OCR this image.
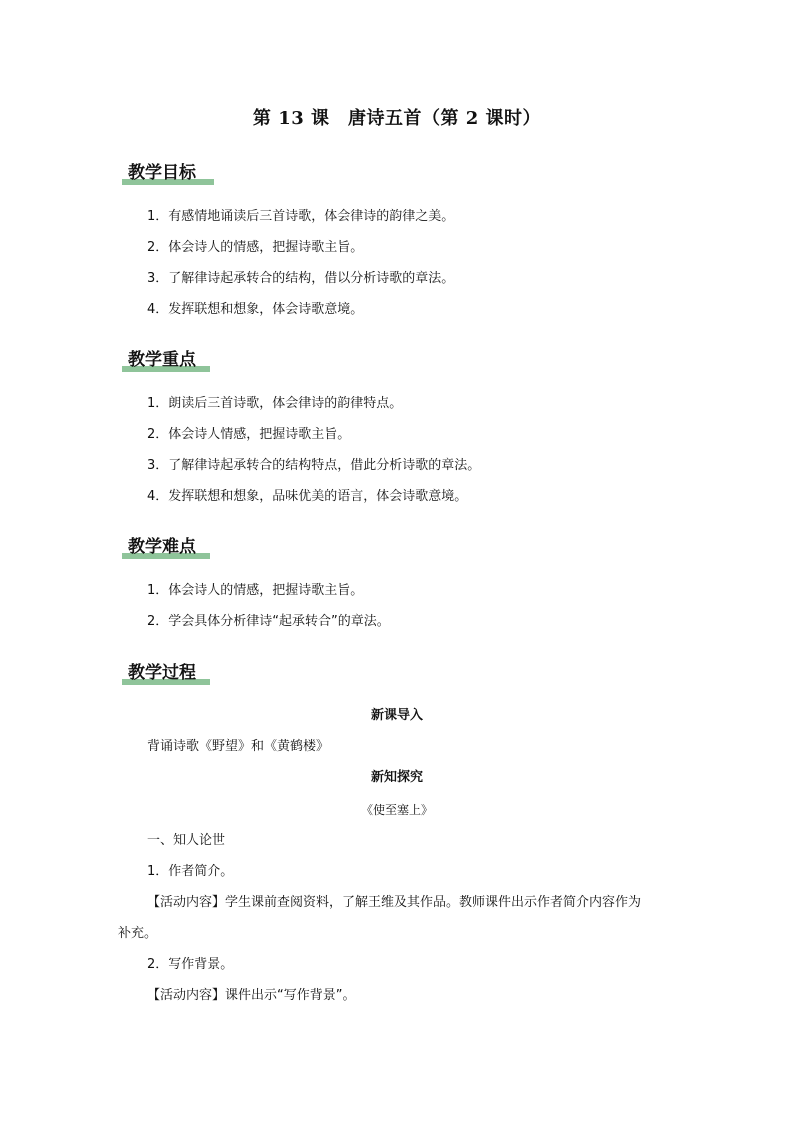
第 13 课　唐诗五首（第 2 课时）
教学目标
1．有感情地诵读后三首诗歌，体会律诗的韵律之美。
2．体会诗人的情感，把握诗歌主旨。
3．了解律诗起承转合的结构，借以分析诗歌的章法。
4．发挥联想和想象，体会诗歌意境。
教学重点
1．朗读后三首诗歌，体会律诗的韵律特点。
2．体会诗人情感，把握诗歌主旨。
3．了解律诗起承转合的结构特点，借此分析诗歌的章法。
4．发挥联想和想象，品味优美的语言，体会诗歌意境。
教学难点
1．体会诗人的情感，把握诗歌主旨。
2．学会具体分析律诗“起承转合”的章法。
教学过程
新课导入
背诵诗歌《野望》和《黄鹤楼》
新知探究
《使至塞上》
一、知人论世
1．作者简介。
【活动内容】学生课前查阅资料，了解王维及其作品。教师课件出示作者简介内容作为
补充。
2．写作背景。
【活动内容】课件出示“写作背景”。
